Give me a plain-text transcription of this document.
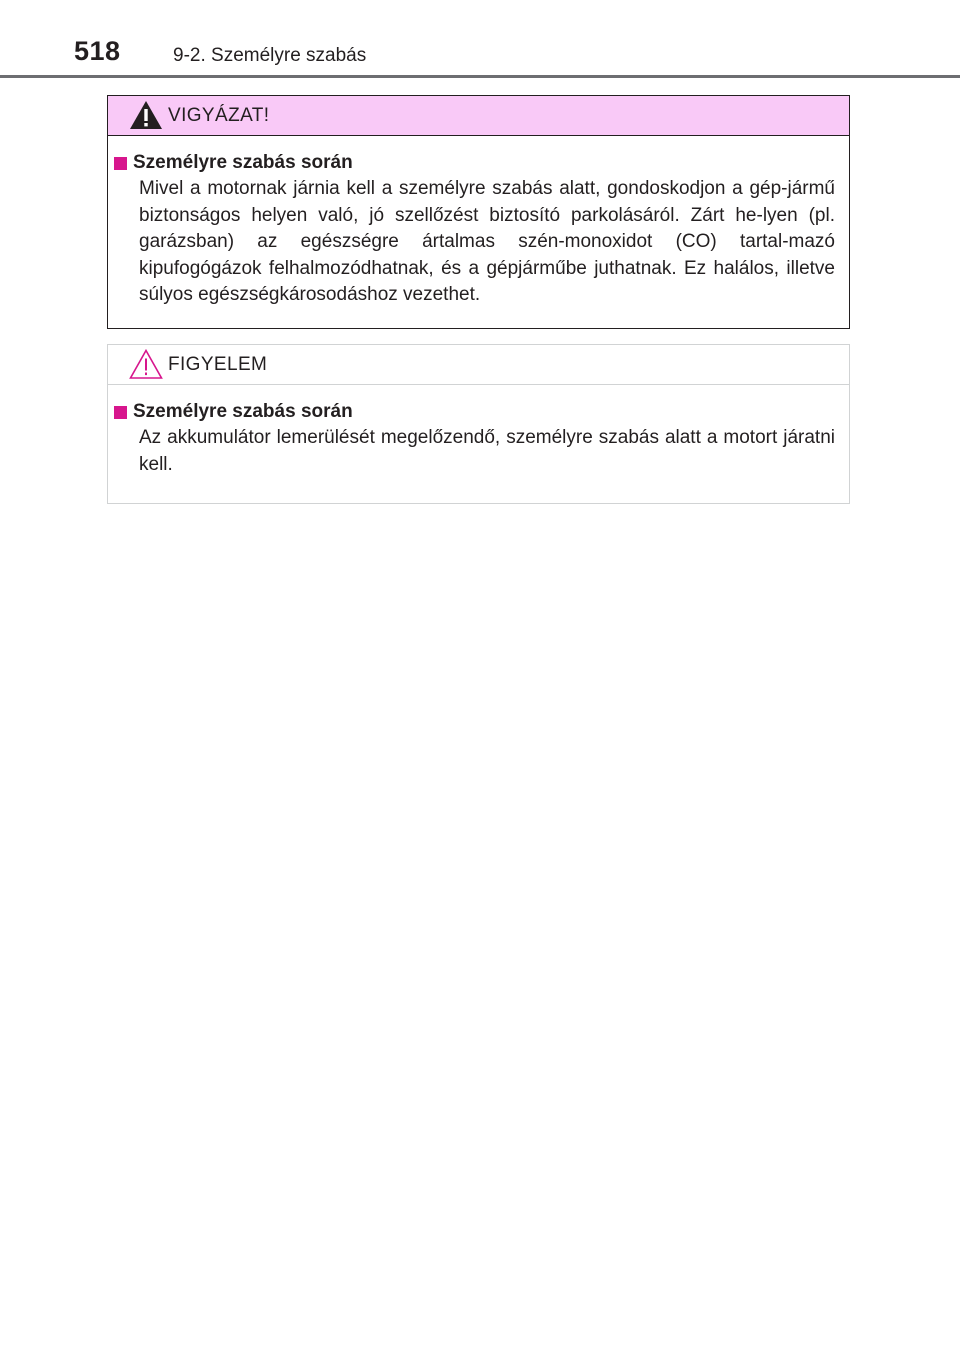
518	9-2. Személyre szabás
VIGYÁZAT!
Személyre szabás során
Mivel a motornak járnia kell a személyre szabás alatt, gondoskodjon a gép-jármű biztonságos helyen való, jó szellőzést biztosító parkolásáról. Zárt he-lyen (pl. garázsban) az egészségre ártalmas szén-monoxidot (CO) tartal-mazó kipufogógázok felhalmozódhatnak, és a gépjárműbe juthatnak. Ez halálos, illetve súlyos egészségkárosodáshoz vezethet.
FIGYELEM
Személyre szabás során
Az akkumulátor lemerülését megelőzendő, személyre szabás alatt a motort járatni kell.
